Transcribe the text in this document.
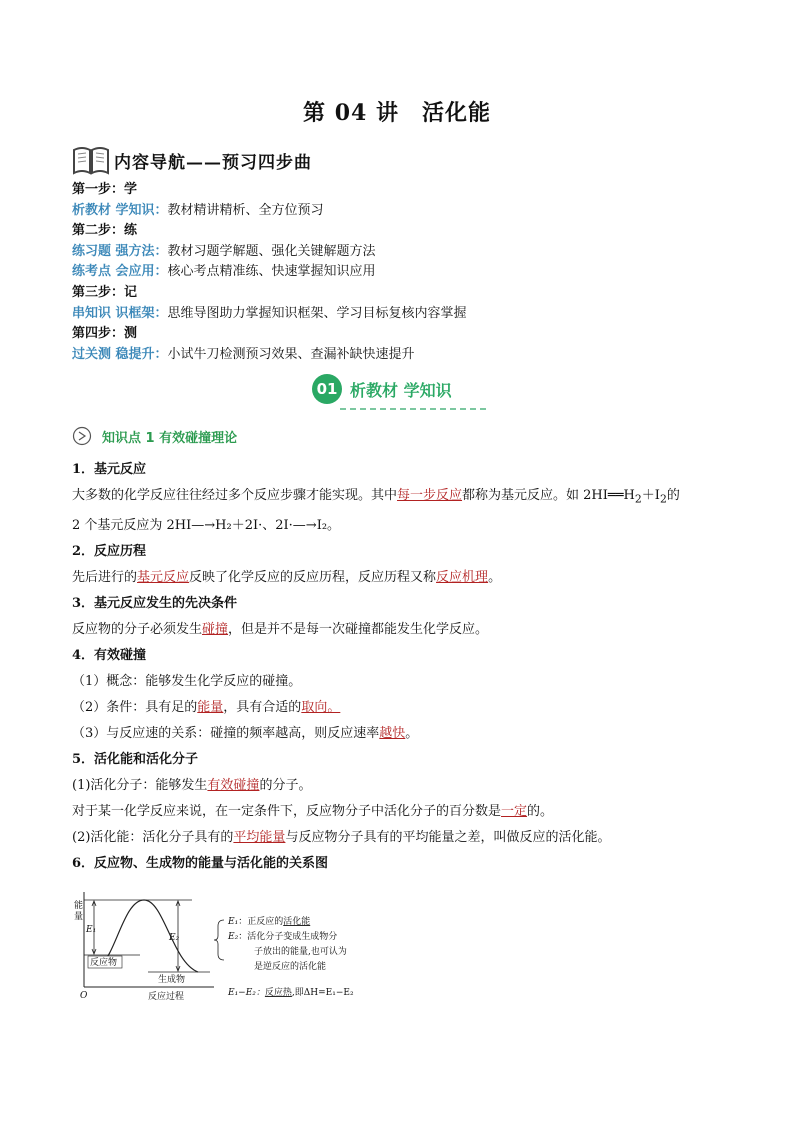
第 04 讲　活化能
内容导航——预习四步曲
第一步：学
析教材 学知识：教材精讲精析、全方位预习
第二步：练
练习题 强方法：教材习题学解题、强化关键解题方法
练考点 会应用：核心考点精准练、快速掌握知识应用
第三步：记
串知识 识框架：思维导图助力掌握知识框架、学习目标复核内容掌握
第四步：测
过关测 稳提升：小试牛刀检测预习效果、查漏补缺快速提升
01 析教材 学知识
知识点 1 有效碰撞理论
1．基元反应
大多数的化学反应往往经过多个反应步骤才能实现。其中每一步反应都称为基元反应。如 $2HI══H_2+I_2$的
2 个基元反应为 2HI—→H₂＋2I·、2I·—→I₂。
2．反应历程
先后进行的基元反应反映了化学反应的反应历程，反应历程又称反应机理。
3．基元反应发生的先决条件
反应物的分子必须发生碰撞，但是并不是每一次碰撞都能发生化学反应。
4．有效碰撞
（1）概念：能够发生化学反应的碰撞。
（2）条件：具有足的能量，具有合适的取向。
（3）与反应速的关系：碰撞的频率越高，则反应速率越快。
5．活化能和活化分子
(1)活化分子：能够发生有效碰撞的分子。
对于某一化学反应来说，在一定条件下，反应物分子中活化分子的百分数是一定的。
(2)活化能：活化分子具有的平均能量与反应物分子具有的平均能量之差，叫做反应的活化能。
6．反应物、生成物的能量与活化能的关系图
能
量
O	反应过程
E₁
E₂
反应物
生成物
E₁：正反应的活化能
E₂：活化分子变成生成物分
子放出的能量,也可认为
是逆反应的活化能
E₁−E₂：反应热,即ΔH=E₁−E₂
